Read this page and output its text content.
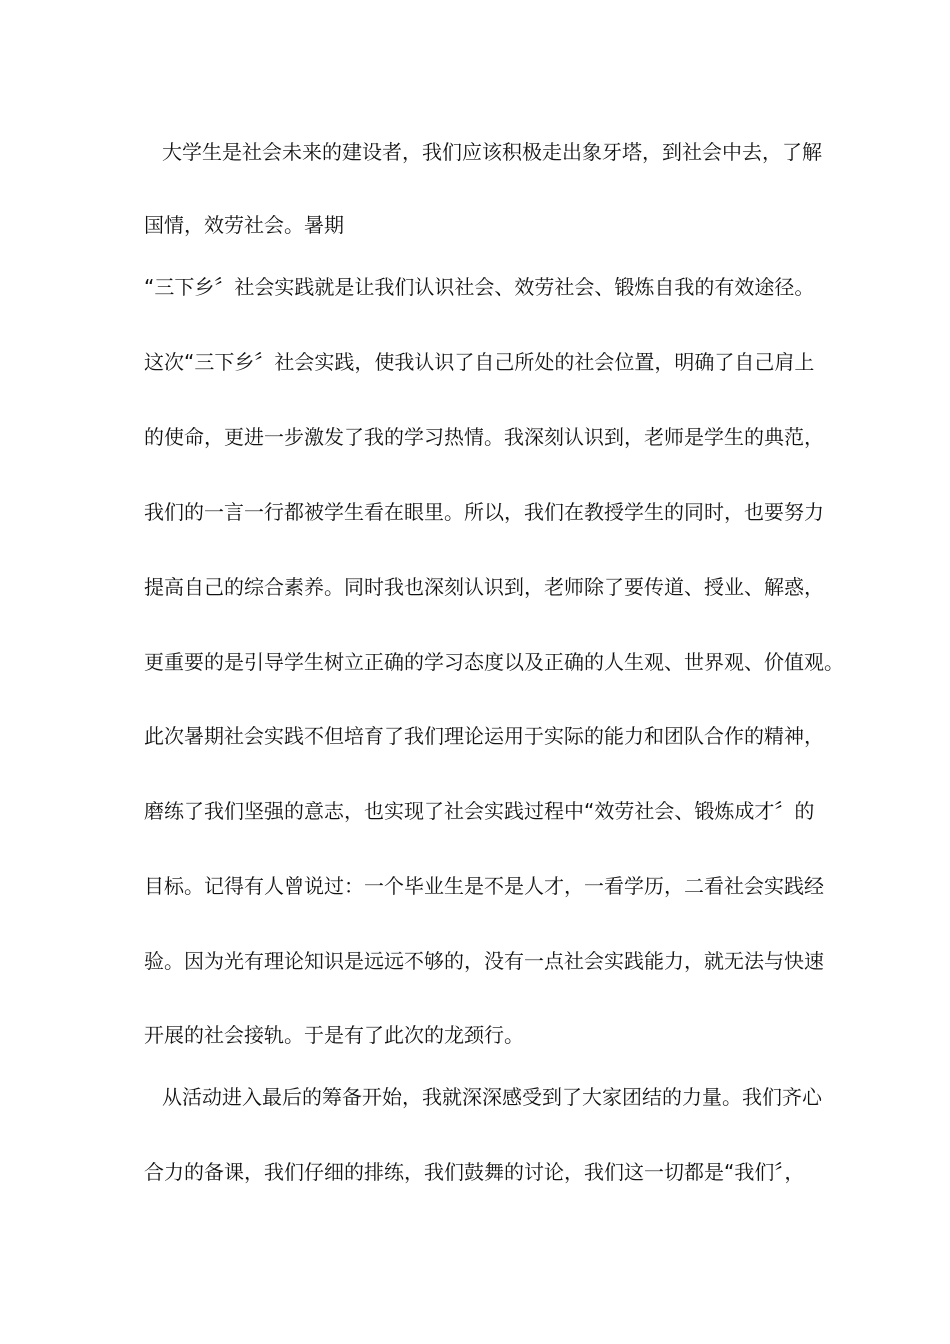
大学生是社会未来的建设者，我们应该积极走出象牙塔，到社会中去，了解
国情，效劳社会。暑期
“三下乡〞社会实践就是让我们认识社会、效劳社会、锻炼自我的有效途径。
这次“三下乡〞社会实践，使我认识了自己所处的社会位置，明确了自己肩上
的使命，更进一步激发了我的学习热情。我深刻认识到，老师是学生的典范，
我们的一言一行都被学生看在眼里。所以，我们在教授学生的同时，也要努力
提高自己的综合素养。同时我也深刻认识到，老师除了要传道、授业、解惑，
更重要的是引导学生树立正确的学习态度以及正确的人生观、世界观、价值观。
此次暑期社会实践不但培育了我们理论运用于实际的能力和团队合作的精神，
磨练了我们坚强的意志，也实现了社会实践过程中“效劳社会、锻炼成才〞的
目标。记得有人曾说过：一个毕业生是不是人才，一看学历，二看社会实践经
验。因为光有理论知识是远远不够的，没有一点社会实践能力，就无法与快速
开展的社会接轨。于是有了此次的龙颈行。
从活动进入最后的筹备开始，我就深深感受到了大家团结的力量。我们齐心
合力的备课，我们仔细的排练，我们鼓舞的讨论，我们这一切都是“我们〞，
